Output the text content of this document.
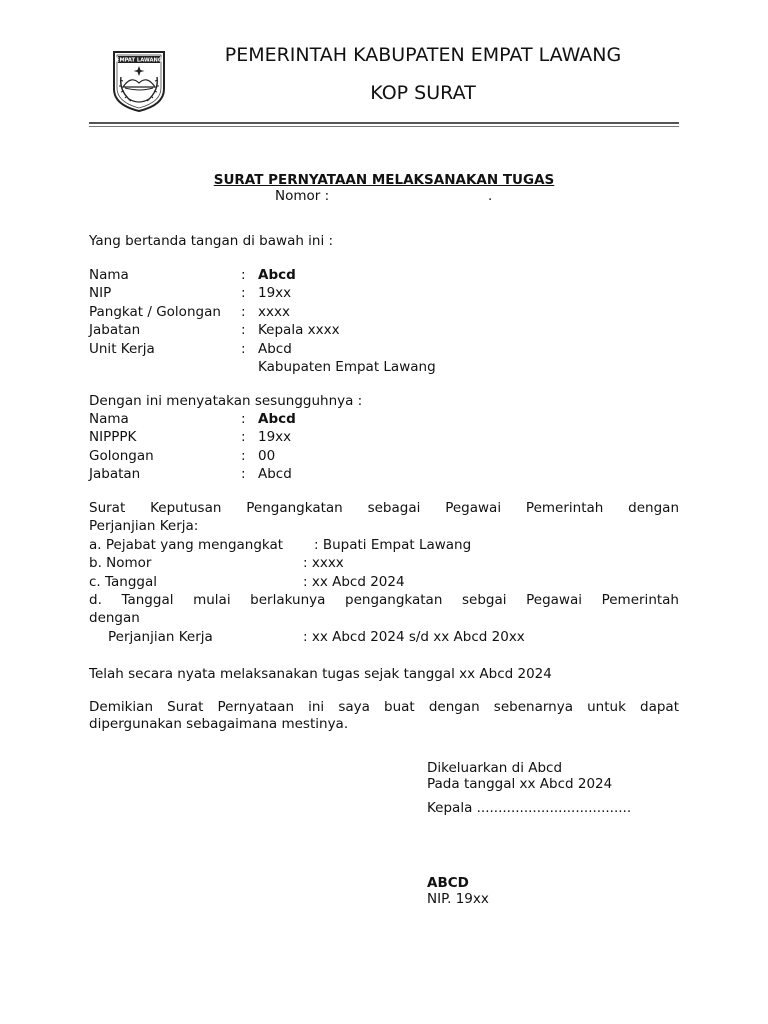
EMPAT LAWANG	PEMERINTAH KABUPATEN EMPAT LAWANG
KOP SURAT
SURAT PERNYATAAN MELAKSANAKAN TUGAS
Nomor :	.
Yang bertanda tangan di bawah ini :
Nama	: Abcd
NIP	: 19xx
Pangkat / Golongan : xxxx
Jabatan	: Kepala xxxx
Unit Kerja	: Abcd
Kabupaten Empat Lawang
Dengan ini menyatakan sesungguhnya :
Nama	: Abcd
NIPPPK	: 19xx
Golongan	: 00
Jabatan	: Abcd
Surat Keputusan Pengangkatan sebagai Pegawai Pemerintah dengan
Perjanjian Kerja:
a. Pejabat yang mengangkat : Bupati Empat Lawang
b. Nomor	: xxxx
c. Tanggal	: xx Abcd 2024
d. Tanggal mulai berlakunya pengangkatan sebgai Pegawai Pemerintah
dengan
Perjanjian Kerja	: xx Abcd 2024 s/d xx Abcd 20xx
Telah secara nyata melaksanakan tugas sejak tanggal xx Abcd 2024
Demikian Surat Pernyataan ini saya buat dengan sebenarnya untuk dapat
dipergunakan sebagaimana mestinya.
Dikeluarkan di Abcd
Pada tanggal xx Abcd 2024
Kepala ....................................
ABCD
NIP. 19xx
